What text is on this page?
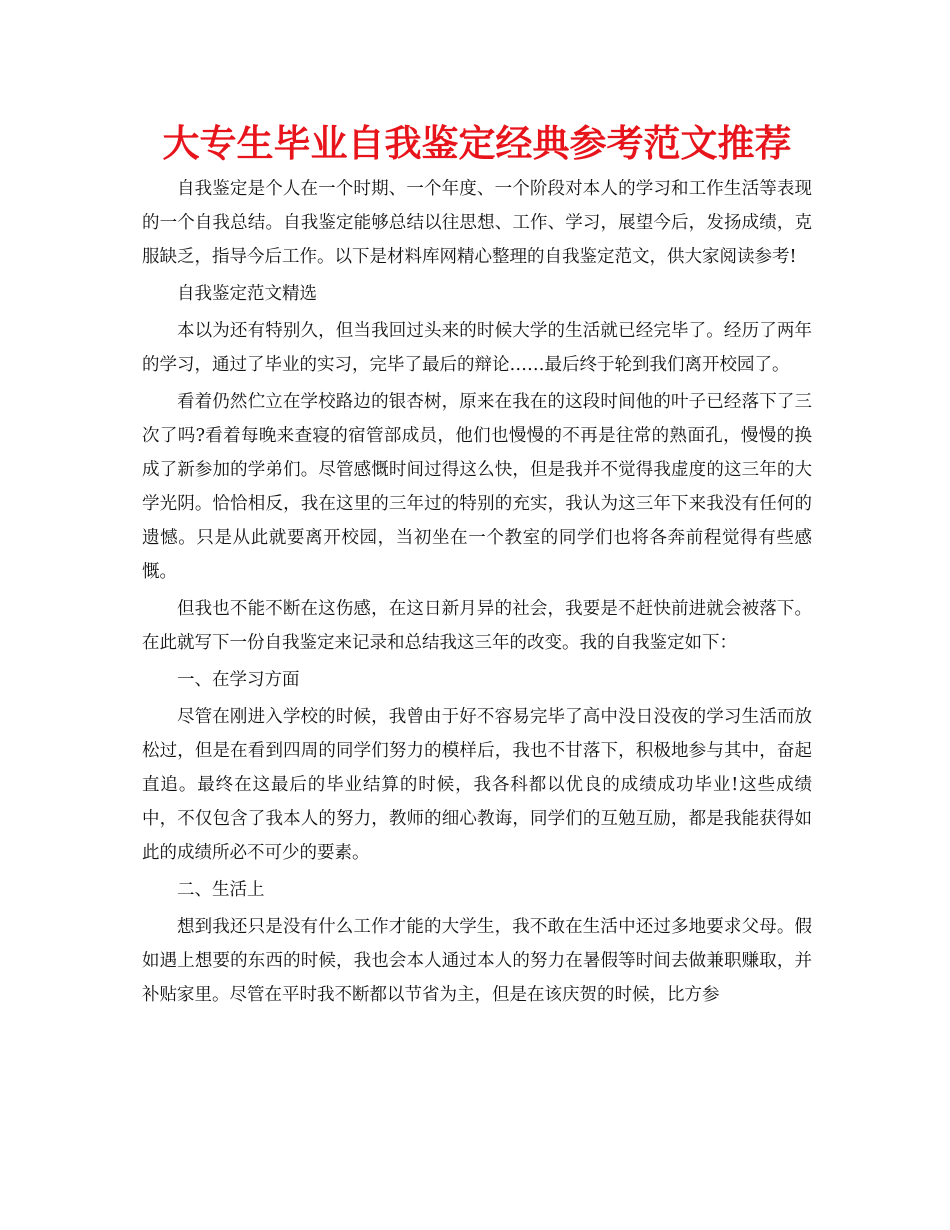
大专生毕业自我鉴定经典参考范文推荐

自我鉴定是个人在一个时期、一个年度、一个阶段对本人的学习和工作生活等表现的一个自我总结。自我鉴定能够总结以往思想、工作、学习，展望今后，发扬成绩，克服缺乏，指导今后工作。以下是材料库网精心整理的自我鉴定范文，供大家阅读参考!

自我鉴定范文精选

本以为还有特别久，但当我回过头来的时候大学的生活就已经完毕了。经历了两年的学习，通过了毕业的实习，完毕了最后的辩论……最后终于轮到我们离开校园了。

看着仍然伫立在学校路边的银杏树，原来在我在的这段时间他的叶子已经落下了三次了吗?看着每晚来查寝的宿管部成员，他们也慢慢的不再是往常的熟面孔，慢慢的换成了新参加的学弟们。尽管感慨时间过得这么快，但是我并不觉得我虚度的这三年的大学光阴。恰恰相反，我在这里的三年过的特别的充实，我认为这三年下来我没有任何的遗憾。只是从此就要离开校园，当初坐在一个教室的同学们也将各奔前程觉得有些感慨。

但我也不能不断在这伤感，在这日新月异的社会，我要是不赶快前进就会被落下。在此就写下一份自我鉴定来记录和总结我这三年的改变。我的自我鉴定如下：

一、在学习方面

尽管在刚进入学校的时候，我曾由于好不容易完毕了高中没日没夜的学习生活而放松过，但是在看到四周的同学们努力的模样后，我也不甘落下，积极地参与其中，奋起直追。最终在这最后的毕业结算的时候，我各科都以优良的成绩成功毕业!这些成绩中，不仅包含了我本人的努力，教师的细心教诲，同学们的互勉互励，都是我能获得如此的成绩所必不可少的要素。

二、生活上

想到我还只是没有什么工作才能的大学生，我不敢在生活中还过多地要求父母。假如遇上想要的东西的时候，我也会本人通过本人的努力在暑假等时间去做兼职赚取，并补贴家里。尽管在平时我不断都以节省为主，但是在该庆贺的时候，比方参
